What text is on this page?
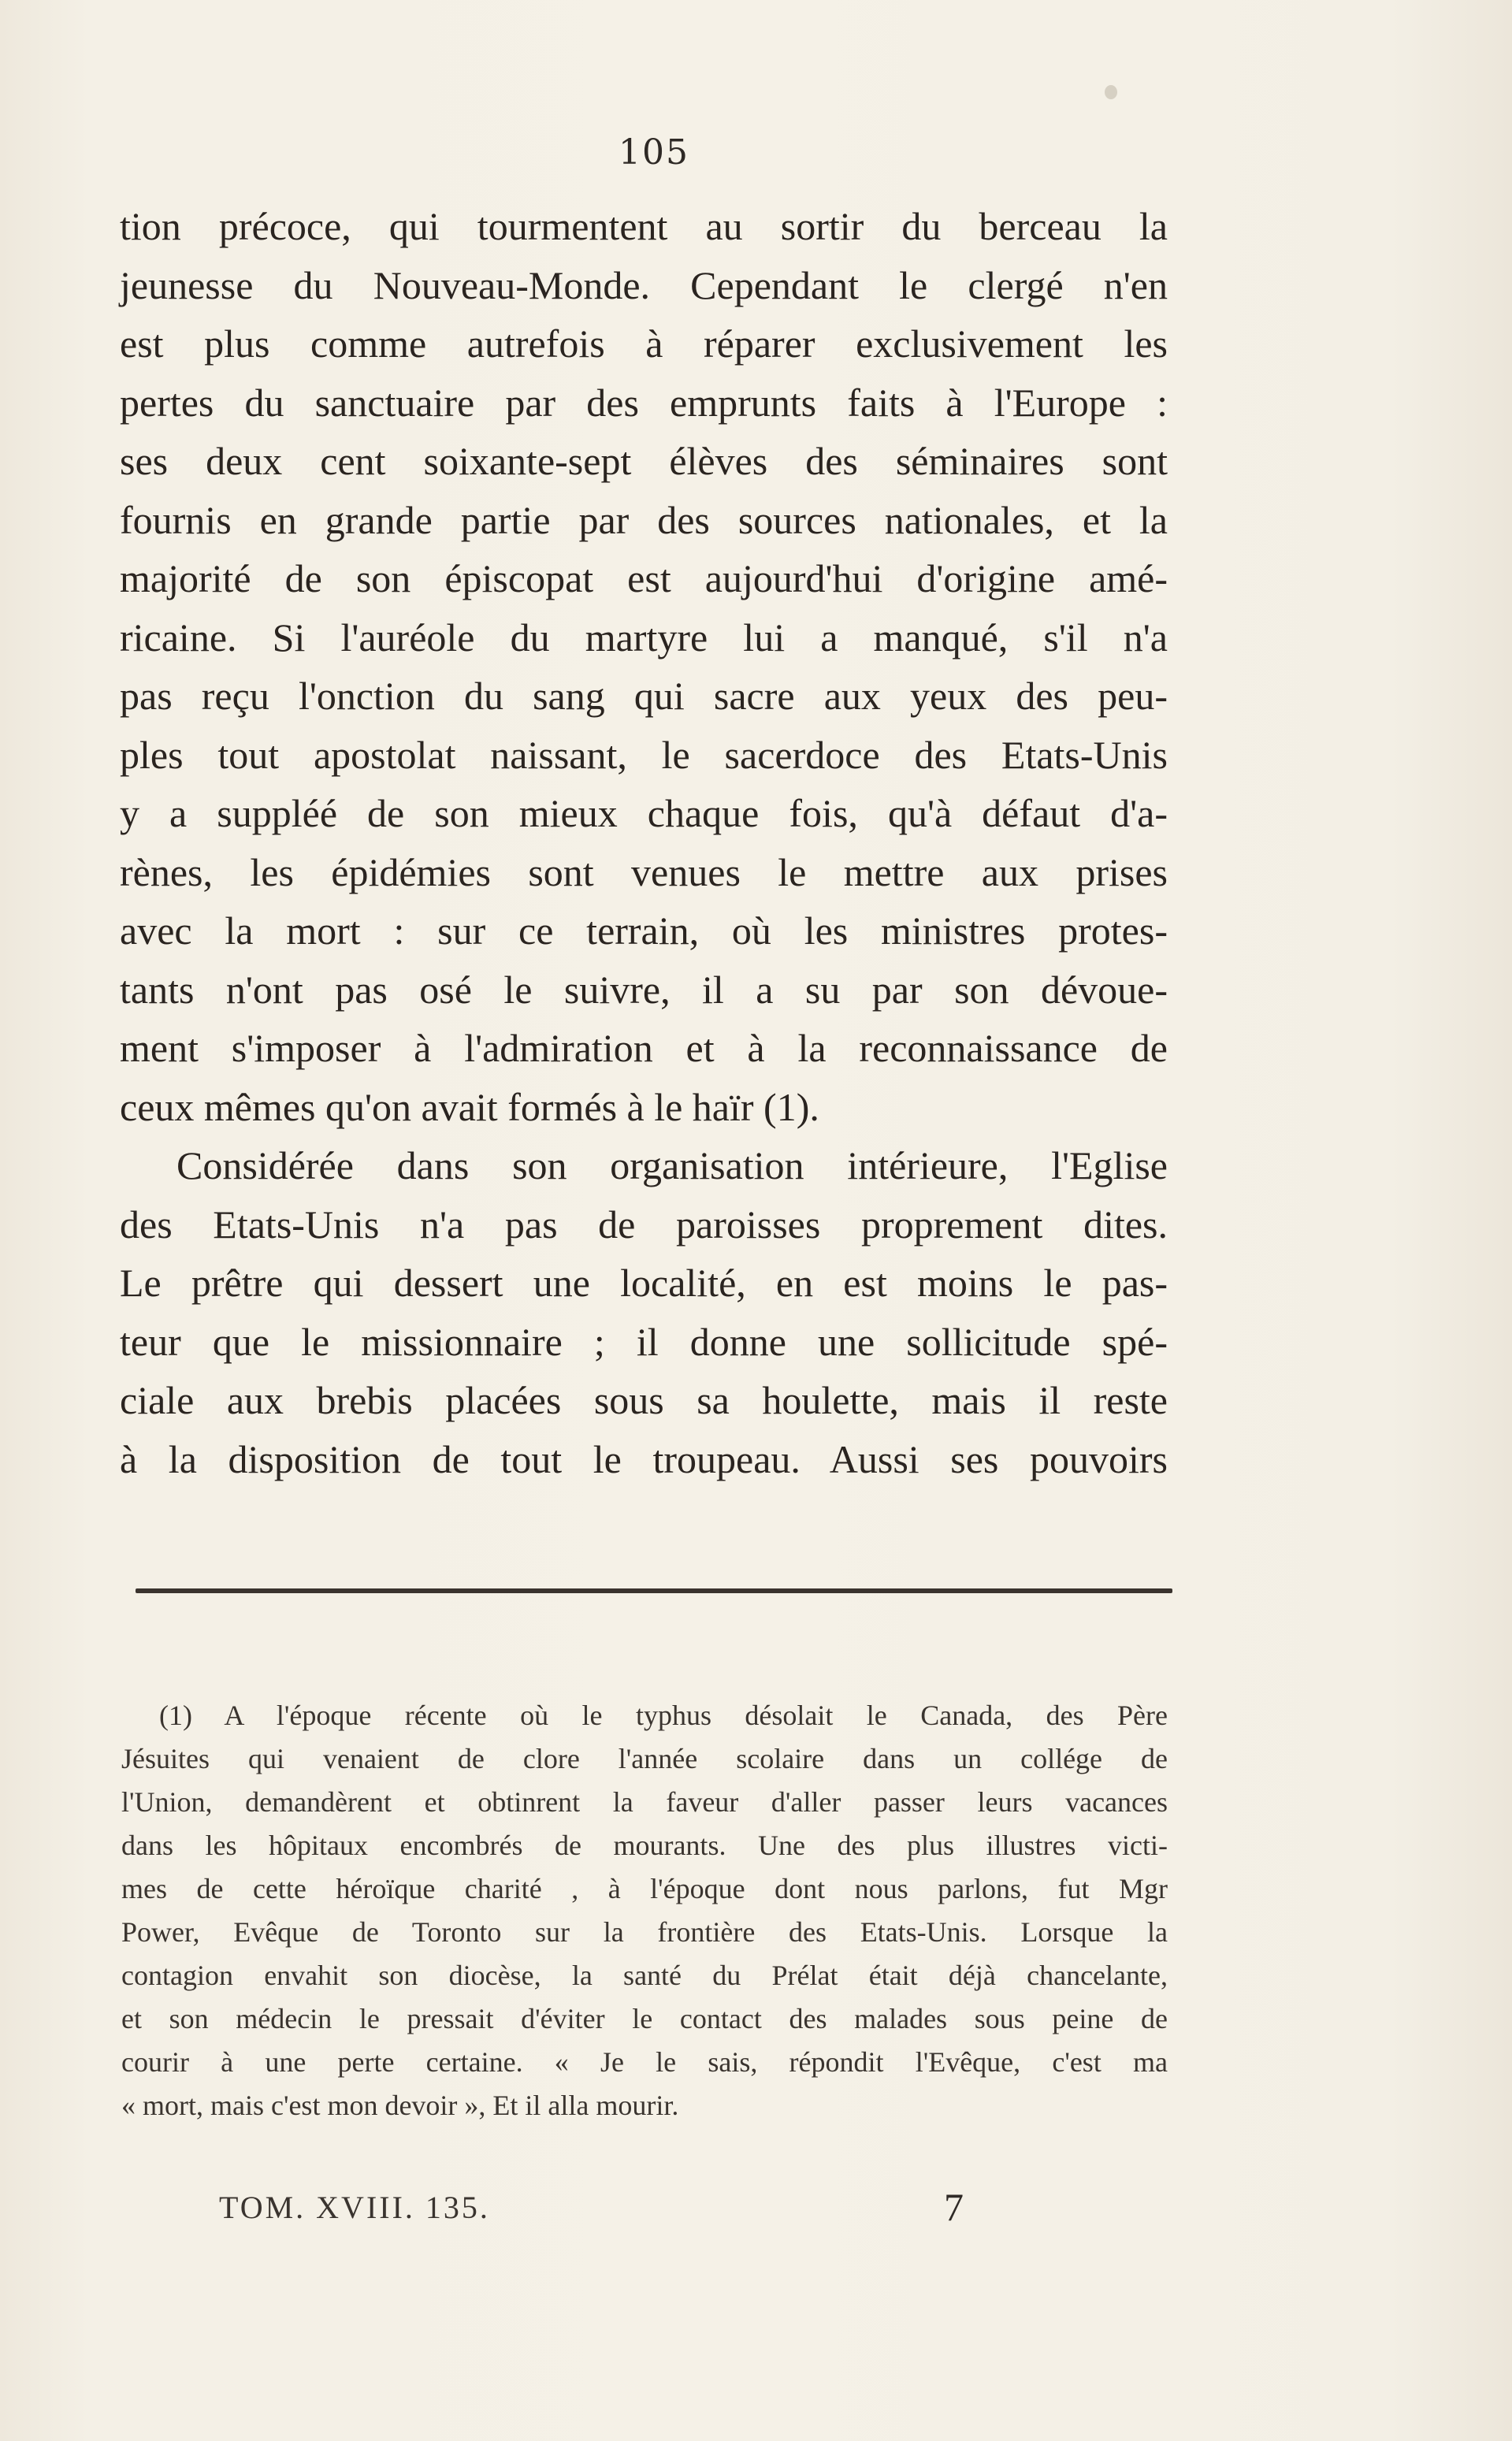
105
tion précoce, qui tourmentent au sortir du berceau la
jeunesse du Nouveau-Monde. Cependant le clergé n'en
est plus comme autrefois à réparer exclusivement les
pertes du sanctuaire par des emprunts faits à l'Europe :
ses deux cent soixante-sept élèves des séminaires sont
fournis en grande partie par des sources nationales, et la
majorité de son épiscopat est aujourd'hui d'origine amé-
ricaine. Si l'auréole du martyre lui a manqué, s'il n'a
pas reçu l'onction du sang qui sacre aux yeux des peu-
ples tout apostolat naissant, le sacerdoce des Etats-Unis
y a suppléé de son mieux chaque fois, qu'à défaut d'a-
rènes, les épidémies sont venues le mettre aux prises
avec la mort : sur ce terrain, où les ministres protes-
tants n'ont pas osé le suivre, il a su par son dévoue-
ment s'imposer à l'admiration et à la reconnaissance de
ceux mêmes qu'on avait formés à le haïr (1).
Considérée dans son organisation intérieure, l'Eglise
des Etats-Unis n'a pas de paroisses proprement dites.
Le prêtre qui dessert une localité, en est moins le pas-
teur que le missionnaire ; il donne une sollicitude spé-
ciale aux brebis placées sous sa houlette, mais il reste
à la disposition de tout le troupeau. Aussi ses pouvoirs
(1) A l'époque récente où le typhus désolait le Canada, des Père
Jésuites qui venaient de clore l'année scolaire dans un collége de
l'Union, demandèrent et obtinrent la faveur d'aller passer leurs vacances
dans les hôpitaux encombrés de mourants. Une des plus illustres victi-
mes de cette héroïque charité , à l'époque dont nous parlons, fut Mgr
Power, Evêque de Toronto sur la frontière des Etats-Unis. Lorsque la
contagion envahit son diocèse, la santé du Prélat était déjà chancelante,
et son médecin le pressait d'éviter le contact des malades sous peine de
courir à une perte certaine. « Je le sais, répondit l'Evêque, c'est ma
« mort, mais c'est mon devoir », Et il alla mourir.
TOM. XVIII. 135.	7
